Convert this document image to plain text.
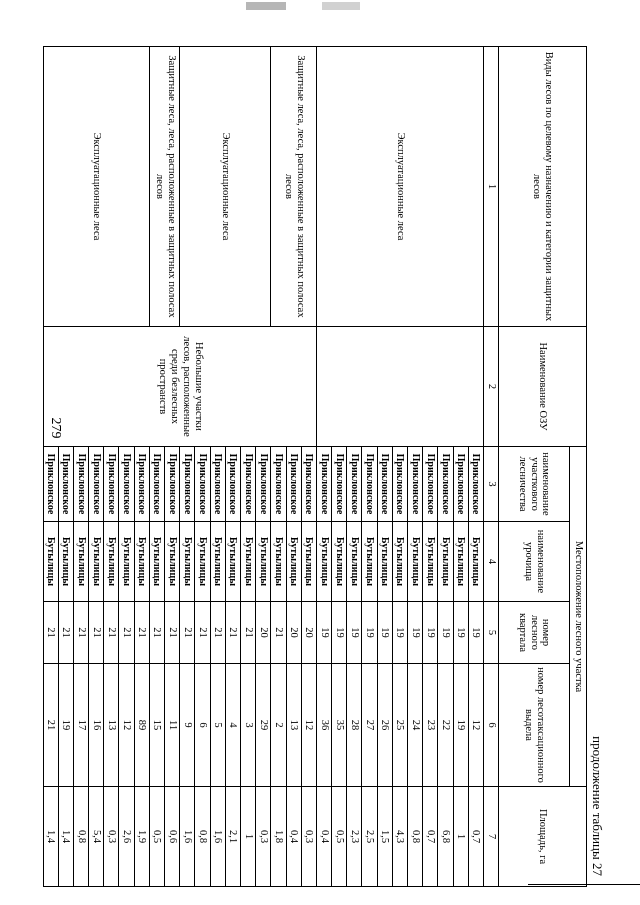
279
продолжение таблицы 27
Виды лесов по целевому назначению и категории защитных лесов	Наименование ОЗУ	Местоположение лесного участка				Площадь, га
		наименование участкового лесничества	наименование урочища	номер лесного квартала	номер лесотаксационного выдела	
1	2	3	4	5	6	7
Эксплуатационные леса		Приклонское	Бутылицы	19	12	0,7
		Приклонское	Бутылицы	19	19	1
		Приклонское	Бутылицы	19	22	6,8
		Приклонское	Бутылицы	19	23	0,7
		Приклонское	Бутылицы	19	24	0,8
		Приклонское	Бутылицы	19	25	4,3
		Приклонское	Бутылицы	19	26	1,5
		Приклонское	Бутылицы	19	27	2,5
		Приклонское	Бутылицы	19	28	2,3
		Приклонское	Бутылицы	19	35	0,5
		Приклонское	Бутылицы	19	36	0,4
Защитные леса, леса, расположенные в защитных полосах лесов	Небольшие участки лесов, расположенные среди безлесных пространств	Приклонское	Бутылицы	20	12	0,3
		Приклонское	Бутылицы	20	13	0,4
		Приклонское	Бутылицы	21	2	1,8
Эксплуатационные леса		Приклонское	Бутылицы	20	29	0,3
		Приклонское	Бутылицы	21	3	1
		Приклонское	Бутылицы	21	4	2,1
		Приклонское	Бутылицы	21	5	1,6
		Приклонское	Бутылицы	21	6	0,8
		Приклонское	Бутылицы	21	9	1,6
Защитные леса, леса, расположенные в защитных полосах лесов		Приклонское	Бутылицы	21	11	0,6
		Приклонское	Бутылицы	21	15	0,5
Эксплуатационные леса		Приклонское	Бутылицы	21	89	1,9
		Приклонское	Бутылицы	21	12	2,6
		Приклонское	Бутылицы	21	13	0,3
		Приклонское	Бутылицы	21	16	5,4
		Приклонское	Бутылицы	21	17	0,8
		Приклонское	Бутылицы	21	19	1,4
		Приклонское	Бутылицы	21	21	1,4
